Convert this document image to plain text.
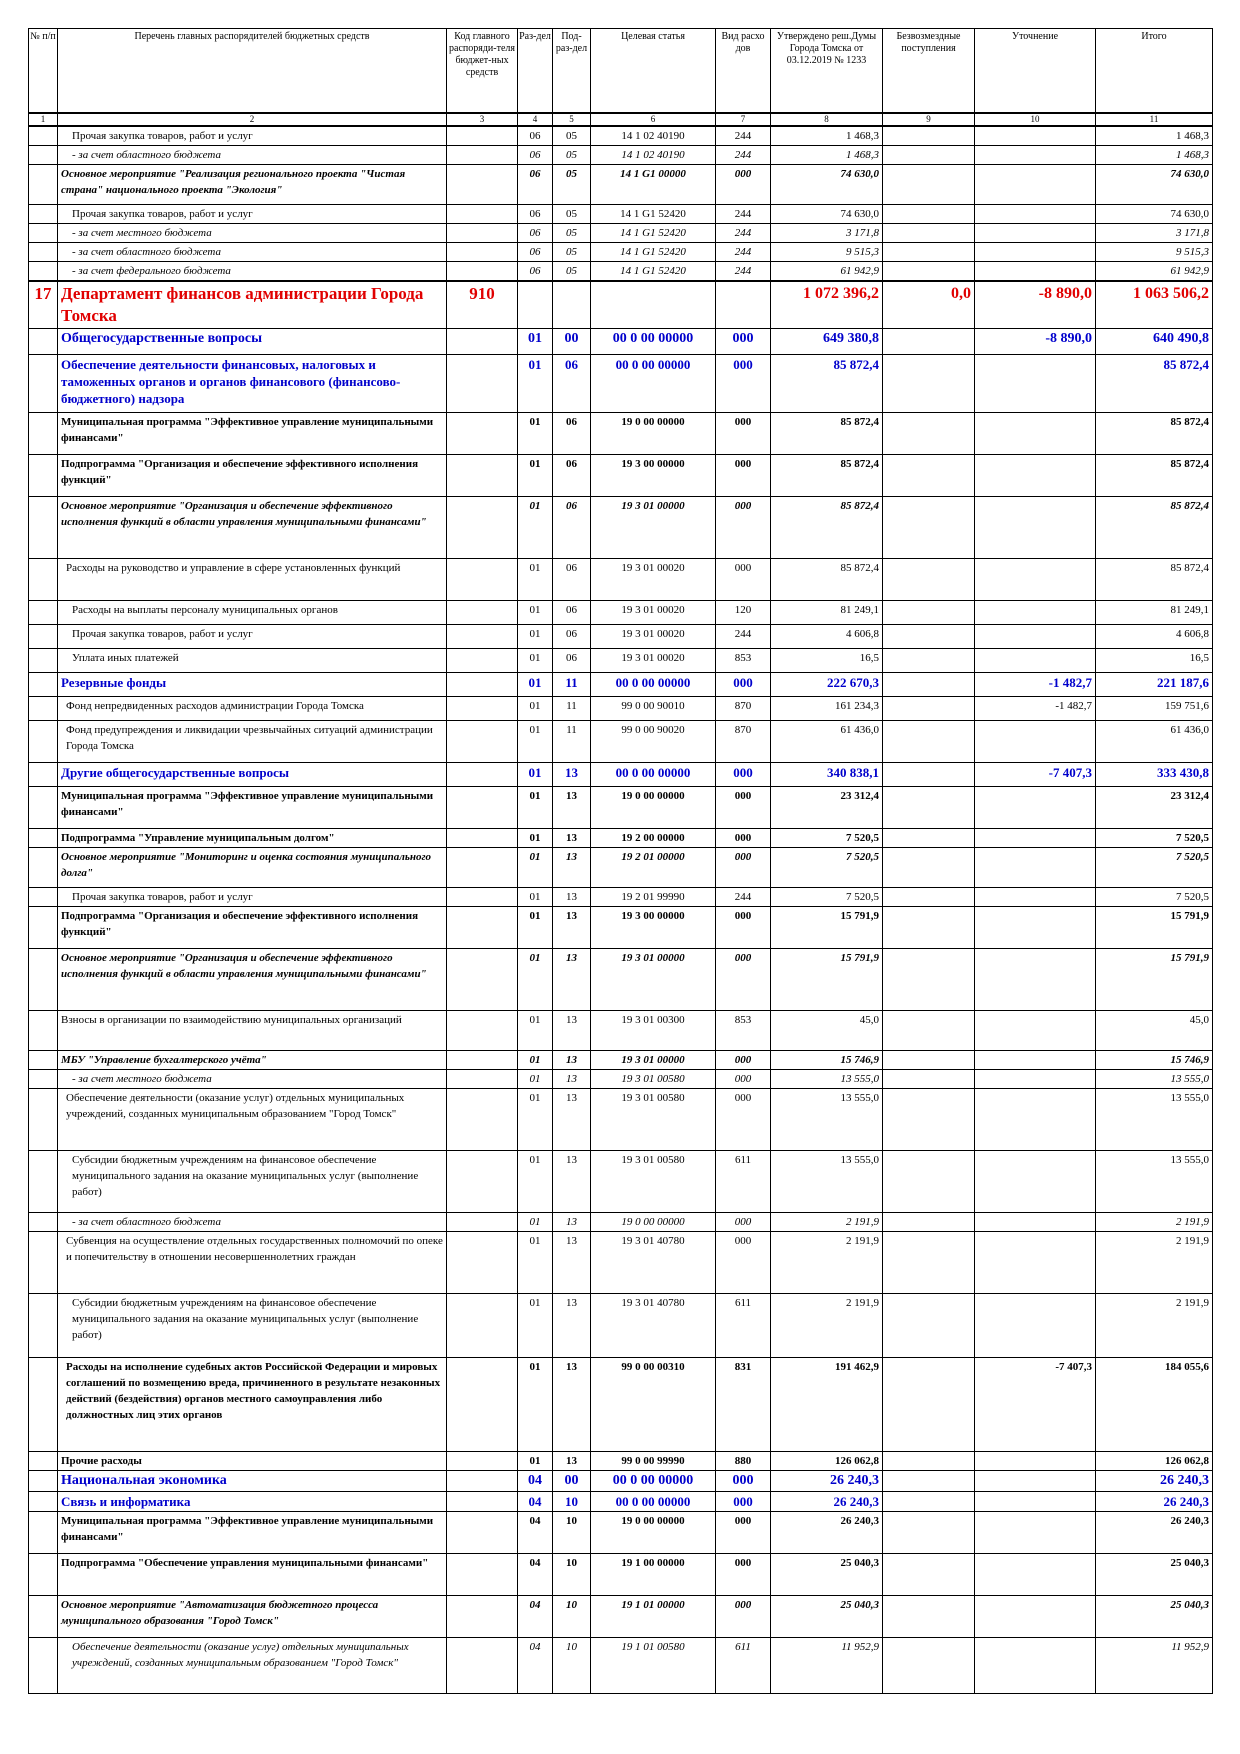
№ п/п	Перечень главных распорядителей бюджетных средств	Код главного распоряди-теля бюджет-ных средств	Раз-дел	Под-раз-дел	Целевая статья	Вид расхо дов	Утверждено реш.Думы Города Томска от 03.12.2019 № 1233	Безвозмездные поступления	Уточнение	Итого
1	2	3	4	5	6	7	8	9	10	11
	Прочая закупка товаров, работ и услуг		06	05	14 1 02 40190	244	1 468,3			1 468,3
	- за счет областного бюджета		06	05	14 1 02 40190	244	1 468,3			1 468,3
	Основное мероприятие "Реализация регионального проекта "Чистая страна" национального проекта "Экология"		06	05	14 1 G1 00000	000	74 630,0			74 630,0
	Прочая закупка товаров, работ и услуг		06	05	14 1 G1 52420	244	74 630,0			74 630,0
	- за счет местного бюджета		06	05	14 1 G1 52420	244	3 171,8			3 171,8
	- за счет областного бюджета		06	05	14 1 G1 52420	244	9 515,3			9 515,3
	- за счет федерального бюджета		06	05	14 1 G1 52420	244	61 942,9			61 942,9
17	Департамент финансов администрации Города Томска	910					1 072 396,2	0,0	-8 890,0	1 063 506,2
	Общегосударственные вопросы		01	00	00 0 00 00000	000	649 380,8		-8 890,0	640 490,8
	Обеспечение деятельности финансовых, налоговых и таможенных органов и органов финансового (финансово-бюджетного) надзора		01	06	00 0 00 00000	000	85 872,4			85 872,4
	Муниципальная программа "Эффективное управление муниципальными финансами"		01	06	19 0 00 00000	000	85 872,4			85 872,4
	Подпрограмма "Организация и обеспечение эффективного исполнения функций"		01	06	19 3 00 00000	000	85 872,4			85 872,4
	Основное мероприятие "Организация и обеспечение эффективного исполнения функций в области управления муниципальными финансами"		01	06	19 3 01 00000	000	85 872,4			85 872,4
	Расходы на руководство и управление в сфере установленных функций		01	06	19 3 01 00020	000	85 872,4			85 872,4
	Расходы на выплаты персоналу муниципальных органов		01	06	19 3 01 00020	120	81 249,1			81 249,1
	Прочая закупка товаров, работ и услуг		01	06	19 3 01 00020	244	4 606,8			4 606,8
	Уплата иных платежей		01	06	19 3 01 00020	853	16,5			16,5
	Резервные фонды		01	11	00 0 00 00000	000	222 670,3		-1 482,7	221 187,6
	Фонд непредвиденных расходов администрации Города Томска		01	11	99 0 00 90010	870	161 234,3		-1 482,7	159 751,6
	Фонд предупреждения и ликвидации чрезвычайных ситуаций администрации Города Томска		01	11	99 0 00 90020	870	61 436,0			61 436,0
	Другие общегосударственные вопросы		01	13	00 0 00 00000	000	340 838,1		-7 407,3	333 430,8
	Муниципальная программа "Эффективное управление муниципальными финансами"		01	13	19 0 00 00000	000	23 312,4			23 312,4
	Подпрограмма "Управление муниципальным долгом"		01	13	19 2 00 00000	000	7 520,5			7 520,5
	Основное мероприятие "Мониторинг и оценка состояния муниципального долга"		01	13	19 2 01 00000	000	7 520,5			7 520,5
	Прочая закупка товаров, работ и услуг		01	13	19 2 01 99990	244	7 520,5			7 520,5
	Подпрограмма "Организация и обеспечение эффективного исполнения функций"		01	13	19 3 00 00000	000	15 791,9			15 791,9
	Основное мероприятие "Организация и обеспечение эффективного исполнения функций в области управления муниципальными финансами"		01	13	19 3 01 00000	000	15 791,9			15 791,9
	Взносы в организации по взаимодействию муниципальных организаций		01	13	19 3 01 00300	853	45,0			45,0
	МБУ "Управление бухгалтерского учёта"		01	13	19 3 01 00000	000	15 746,9			15 746,9
	- за счет местного бюджета		01	13	19 3 01 00580	000	13 555,0			13 555,0
	Обеспечение деятельности (оказание услуг) отдельных муниципальных учреждений, созданных муниципальным образованием "Город Томск"		01	13	19 3 01 00580	000	13 555,0			13 555,0
	Субсидии бюджетным учреждениям на финансовое обеспечение муниципального задания на оказание муниципальных услуг (выполнение работ)		01	13	19 3 01 00580	611	13 555,0			13 555,0
	- за счет областного бюджета		01	13	19 0 00 00000	000	2 191,9			2 191,9
	Субвенция на осуществление отдельных государственных полномочий по опеке и попечительству в отношении несовершеннолетних граждан		01	13	19 3 01 40780	000	2 191,9			2 191,9
	Субсидии бюджетным учреждениям на финансовое обеспечение муниципального задания на оказание муниципальных услуг (выполнение работ)		01	13	19 3 01 40780	611	2 191,9			2 191,9
	Расходы на исполнение судебных актов Российской Федерации и мировых соглашений по возмещению вреда, причиненного в результате незаконных действий (бездействия) органов местного самоуправления либо должностных лиц этих органов		01	13	99 0 00 00310	831	191 462,9		-7 407,3	184 055,6
	Прочие расходы		01	13	99 0 00 99990	880	126 062,8			126 062,8
	Национальная экономика		04	00	00 0 00 00000	000	26 240,3			26 240,3
	Связь и информатика		04	10	00 0 00 00000	000	26 240,3			26 240,3
	Муниципальная программа "Эффективное управление муниципальными финансами"		04	10	19 0 00 00000	000	26 240,3			26 240,3
	Подпрограмма "Обеспечение управления муниципальными финансами"		04	10	19 1 00 00000	000	25 040,3			25 040,3
	Основное мероприятие "Автоматизация бюджетного процесса муниципального образования "Город Томск"		04	10	19 1 01 00000	000	25 040,3			25 040,3
	Обеспечение деятельности (оказание услуг) отдельных муниципальных учреждений, созданных муниципальным образованием "Город Томск"		04	10	19 1 01 00580	611	11 952,9			11 952,9
